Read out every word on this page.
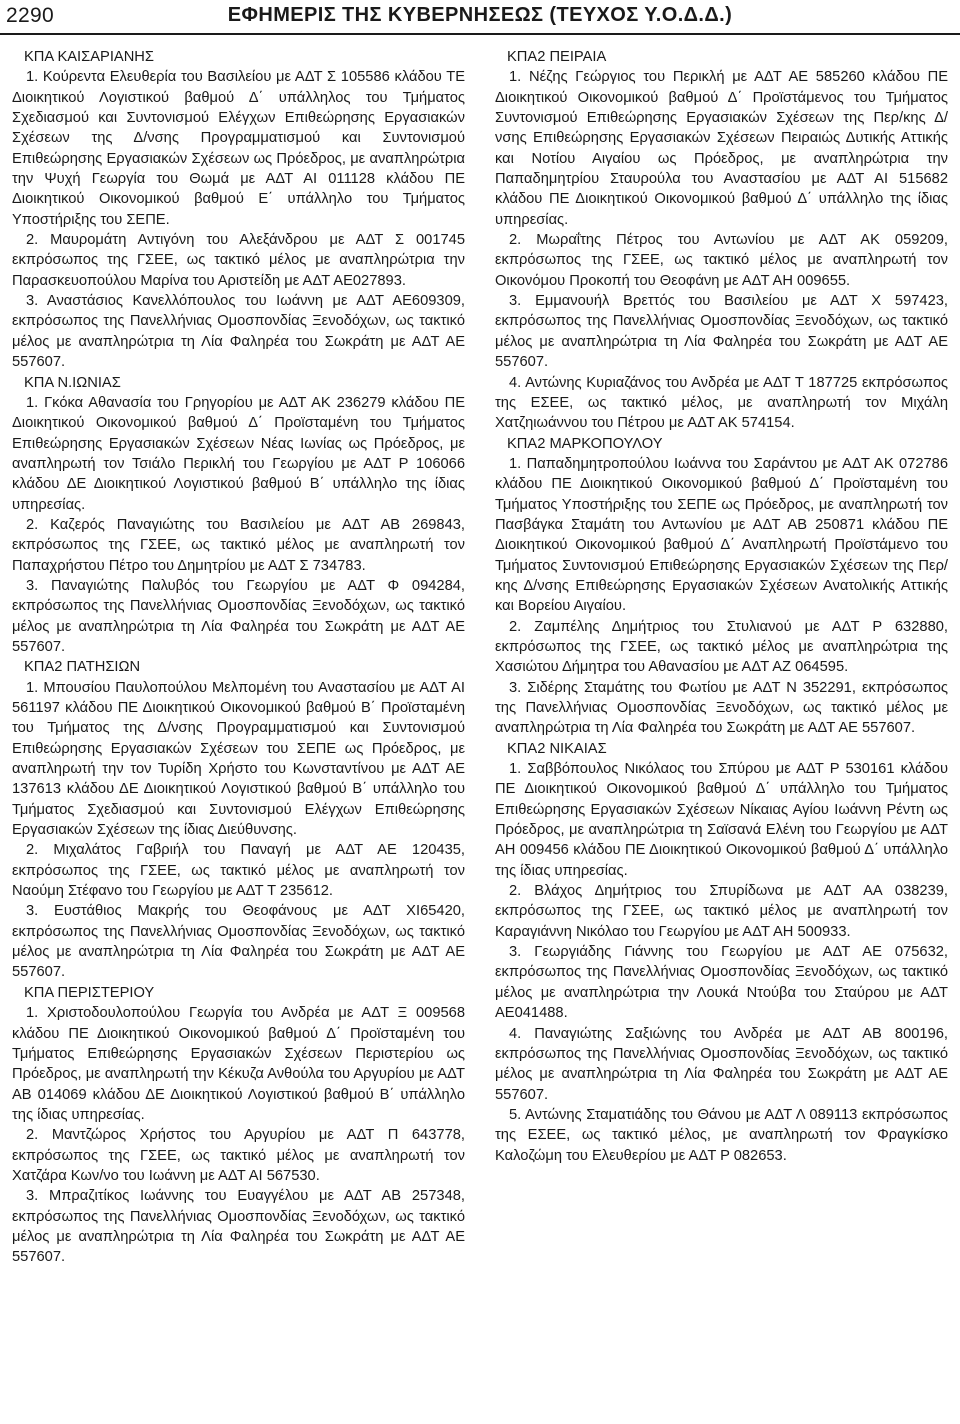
2290	ΕΦΗΜΕΡΙΣ ΤΗΣ ΚΥΒΕΡΝΗΣΕΩΣ (ΤΕΥΧΟΣ Υ.Ο.Δ.Δ.)

ΚΠΑ ΚΑΙΣΑΡΙΑΝΗΣ

1. Κούρεντα Ελευθερία του Βασιλείου με ΑΔΤ Σ 105586 κλάδου ΤΕ Διοικητικού Λογιστικού βαθμού Δ΄ υπάλληλος του Τμήματος Σχεδιασμού και Συντονισμού Ελέγχων Επιθεώρησης Εργασιακών Σχέσεων της Δ/νσης Προγραμματισμού και Συντονισμού Επιθεώρησης Εργασιακών Σχέσεων ως Πρόεδρος, με αναπληρώτρια την Ψυχή Γεωργία του Θωμά με ΑΔΤ ΑΙ 011128 κλάδου ΠΕ Διοικητικού Οικονομικού βαθμού Ε΄ υπάλληλο του Τμήματος Υποστήριξης του ΣΕΠΕ.

2. Μαυρομάτη Αντιγόνη του Αλεξάνδρου με ΑΔΤ Σ 001745 εκπρόσωπος της ΓΣΕΕ, ως τακτικό μέλος με αναπληρώτρια την Παρασκευοπούλου Μαρίνα του Αριστείδη με ΑΔΤ ΑΕ027893.

3. Αναστάσιος Κανελλόπουλος του Ιωάννη με ΑΔΤ ΑΕ609309, εκπρόσωπος της Πανελλήνιας Ομοσπονδίας Ξενοδόχων, ως τακτικό μέλος με αναπληρώτρια τη Λία Φαληρέα του Σωκράτη με ΑΔΤ ΑΕ 557607.

ΚΠΑ Ν.ΙΩΝΙΑΣ

1. Γκόκα Αθανασία του Γρηγορίου με ΑΔΤ ΑΚ 236279 κλάδου ΠΕ Διοικητικού Οικονομικού βαθμού Δ΄ Προϊσταμένη του Τμήματος Επιθεώρησης Εργασιακών Σχέσεων Νέας Ιωνίας ως Πρόεδρος, με αναπληρωτή τον Τσιάλο Περικλή του Γεωργίου με ΑΔΤ Ρ 106066 κλάδου ΔΕ Διοικητικού Λογιστικού βαθμού Β΄ υπάλληλο της ίδιας υπηρεσίας.

2. Καζερός Παναγιώτης του Βασιλείου με ΑΔΤ ΑΒ 269843, εκπρόσωπος της ΓΣΕΕ, ως τακτικό μέλος με αναπληρωτή τον Παπαχρήστου Πέτρο του Δημητρίου με ΑΔΤ Σ 734783.

3. Παναγιώτης Παλυβός του Γεωργίου με ΑΔΤ Φ 094284, εκπρόσωπος της Πανελλήνιας Ομοσπονδίας Ξενοδόχων, ως τακτικό μέλος με αναπληρώτρια τη Λία Φαληρέα του Σωκράτη με ΑΔΤ ΑΕ 557607.

ΚΠΑ2 ΠΑΤΗΣΙΩΝ

1. Μπουσίου Παυλοπούλου Μελπομένη του Αναστασίου με ΑΔΤ ΑΙ 561197 κλάδου ΠΕ Διοικητικού Οικονομικού βαθμού Β΄ Προϊσταμένη του Τμήματος της Δ/νσης Προγραμματισμού και Συντονισμού Επιθεώρησης Εργασιακών Σχέσεων του ΣΕΠΕ ως Πρόεδρος, με αναπληρωτή την τον Τυρίδη Χρήστο του Κωνσταντίνου με ΑΔΤ ΑΕ 137613 κλάδου ΔΕ Διοικητικού Λογιστικού βαθμού Β΄ υπάλληλο του Τμήματος Σχεδιασμού και Συντονισμού Ελέγχων Επιθεώρησης Εργασιακών Σχέσεων της ίδιας Διεύθυνσης.

2. Μιχαλάτος Γαβριήλ του Παναγή με ΑΔΤ ΑΕ 120435, εκπρόσωπος της ΓΣΕΕ, ως τακτικό μέλος με αναπληρωτή τον Ναούμη Στέφανο του Γεωργίου με ΑΔΤ Τ 235612.

3. Ευστάθιος Μακρής του Θεοφάνους με ΑΔΤ ΧΙ65420, εκπρόσωπος της Πανελλήνιας Ομοσπονδίας Ξενοδόχων, ως τακτικό μέλος με αναπληρώτρια τη Λία Φαληρέα του Σωκράτη με ΑΔΤ ΑΕ 557607.

ΚΠΑ ΠΕΡΙΣΤΕΡΙΟΥ

1. Χριστοδουλοπούλου Γεωργία του Ανδρέα με ΑΔΤ Ξ 009568 κλάδου ΠΕ Διοικητικού Οικονομικού βαθμού Δ΄ Προϊσταμένη του Τμήματος Επιθεώρησης Εργασιακών Σχέσεων Περιστερίου ως Πρόεδρος, με αναπληρωτή την Κέκυζα Ανθούλα του Αργυρίου με ΑΔΤ ΑΒ 014069 κλάδου ΔΕ Διοικητικού Λογιστικού βαθμού Β΄ υπάλληλο της ίδιας υπηρεσίας.

2. Μαντζώρος Χρήστος του Αργυρίου με ΑΔΤ Π 643778, εκπρόσωπος της ΓΣΕΕ, ως τακτικό μέλος με αναπληρωτή τον Χατζάρα Κων/νο του Ιωάννη με ΑΔΤ ΑΙ 567530.

3. Μπραζιτίκος Ιωάννης του Ευαγγέλου με ΑΔΤ ΑΒ 257348, εκπρόσωπος της Πανελλήνιας Ομοσπονδίας Ξενοδόχων, ως τακτικό μέλος με αναπληρώτρια τη Λία Φαληρέα του Σωκράτη με ΑΔΤ ΑΕ 557607.

ΚΠΑ2 ΠΕΙΡΑΙΑ

1. Νέζης Γεώργιος του Περικλή με ΑΔΤ ΑΕ 585260 κλάδου ΠΕ Διοικητικού Οικονομικού βαθμού Δ΄ Προϊστάμενος του Τμήματος Συντονισμού Επιθεώρησης Εργασιακών Σχέσεων της Περ/κης Δ/νσης Επιθεώρησης Εργασιακών Σχέσεων Πειραιώς Δυτικής Αττικής και Νοτίου Αιγαίου ως Πρόεδρος, με αναπληρώτρια την Παπαδημητρίου Σταυρούλα του Αναστασίου με ΑΔΤ ΑΙ 515682 κλάδου ΠΕ Διοικητικού Οικονομικού βαθμού Δ΄ υπάλληλο της ίδιας υπηρεσίας.

2. Μωραΐτης Πέτρος του Αντωνίου με ΑΔΤ ΑΚ 059209, εκπρόσωπος της ΓΣΕΕ, ως τακτικό μέλος με αναπληρωτή τον Οικονόμου Προκοπή του Θεοφάνη με ΑΔΤ ΑΗ 009655.

3. Εμμανουήλ Βρεττός του Βασιλείου με ΑΔΤ Χ 597423, εκπρόσωπος της Πανελλήνιας Ομοσπονδίας Ξενοδόχων, ως τακτικό μέλος με αναπληρώτρια τη Λία Φαληρέα του Σωκράτη με ΑΔΤ ΑΕ 557607.

4. Αντώνης Κυριαζάνος του Ανδρέα με ΑΔΤ Τ 187725 εκπρόσωπος της ΕΣΕΕ, ως τακτικό μέλος, με αναπληρωτή τον Μιχάλη Χατζηιωάννου του Πέτρου με ΑΔΤ ΑΚ 574154.

ΚΠΑ2 ΜΑΡΚΟΠΟΥΛΟΥ

1. Παπαδημητροπούλου Ιωάννα του Σαράντου με ΑΔΤ ΑΚ 072786 κλάδου ΠΕ Διοικητικού Οικονομικού βαθμού Δ΄ Προϊσταμένη του Τμήματος Υποστήριξης του ΣΕΠΕ ως Πρόεδρος, με αναπληρωτή τον Πασβάγκα Σταμάτη του Αντωνίου με ΑΔΤ ΑΒ 250871 κλάδου ΠΕ Διοικητικού Οικονομικού βαθμού Δ΄ Αναπληρωτή Προϊστάμενο του Τμήματος Συντονισμού Επιθεώρησης Εργασιακών Σχέσεων της Περ/κης Δ/νσης Επιθεώρησης Εργασιακών Σχέσεων Ανατολικής Αττικής και Βορείου Αιγαίου.

2. Ζαμπέλης Δημήτριος του Στυλιανού με ΑΔΤ Ρ 632880, εκπρόσωπος της ΓΣΕΕ, ως τακτικό μέλος με αναπληρώτρια της Χασιώτου Δήμητρα του Αθανασίου με ΑΔΤ ΑΖ 064595.

3. Σιδέρης Σταμάτης του Φωτίου με ΑΔΤ Ν 352291, εκπρόσωπος της Πανελλήνιας Ομοσπονδίας Ξενοδόχων, ως τακτικό μέλος με αναπληρώτρια τη Λία Φαληρέα του Σωκράτη με ΑΔΤ ΑΕ 557607.

ΚΠΑ2 ΝΙΚΑΙΑΣ

1. Σαββόπουλος Νικόλαος του Σπύρου με ΑΔΤ Ρ 530161 κλάδου ΠΕ Διοικητικού Οικονομικού βαθμού Δ΄ υπάλληλο του Τμήματος Επιθεώρησης Εργασιακών Σχέσεων Νίκαιας Αγίου Ιωάννη Ρέντη ως Πρόεδρος, με αναπληρώτρια τη Σαϊσανά Ελένη του Γεωργίου με ΑΔΤ ΑΗ 009456 κλάδου ΠΕ Διοικητικού Οικονομικού βαθμού Δ΄ υπάλληλο της ίδιας υπηρεσίας.

2. Βλάχος Δημήτριος του Σπυρίδωνα με ΑΔΤ ΑΑ 038239, εκπρόσωπος της ΓΣΕΕ, ως τακτικό μέλος με αναπληρωτή τον Καραγιάννη Νικόλαο του Γεωργίου με ΑΔΤ ΑΗ 500933.

3. Γεωργιάδης Γιάννης του Γεωργίου με ΑΔΤ ΑΕ 075632, εκπρόσωπος της Πανελλήνιας Ομοσπονδίας Ξενοδόχων, ως τακτικό μέλος με αναπληρώτρια την Λουκά Ντούβα του Σταύρου με ΑΔΤ ΑΕ041488.

4. Παναγιώτης Σαξιώνης του Ανδρέα με ΑΔΤ ΑΒ 800196, εκπρόσωπος της Πανελλήνιας Ομοσπονδίας Ξενοδόχων, ως τακτικό μέλος με αναπληρώτρια τη Λία Φαληρέα του Σωκράτη με ΑΔΤ ΑΕ 557607.

5. Αντώνης Σταματιάδης του Θάνου με ΑΔΤ Λ 089113 εκπρόσωπος της ΕΣΕΕ, ως τακτικό μέλος, με αναπληρωτή τον Φραγκίσκο Καλοζώμη του Ελευθερίου με ΑΔΤ Ρ 082653.
